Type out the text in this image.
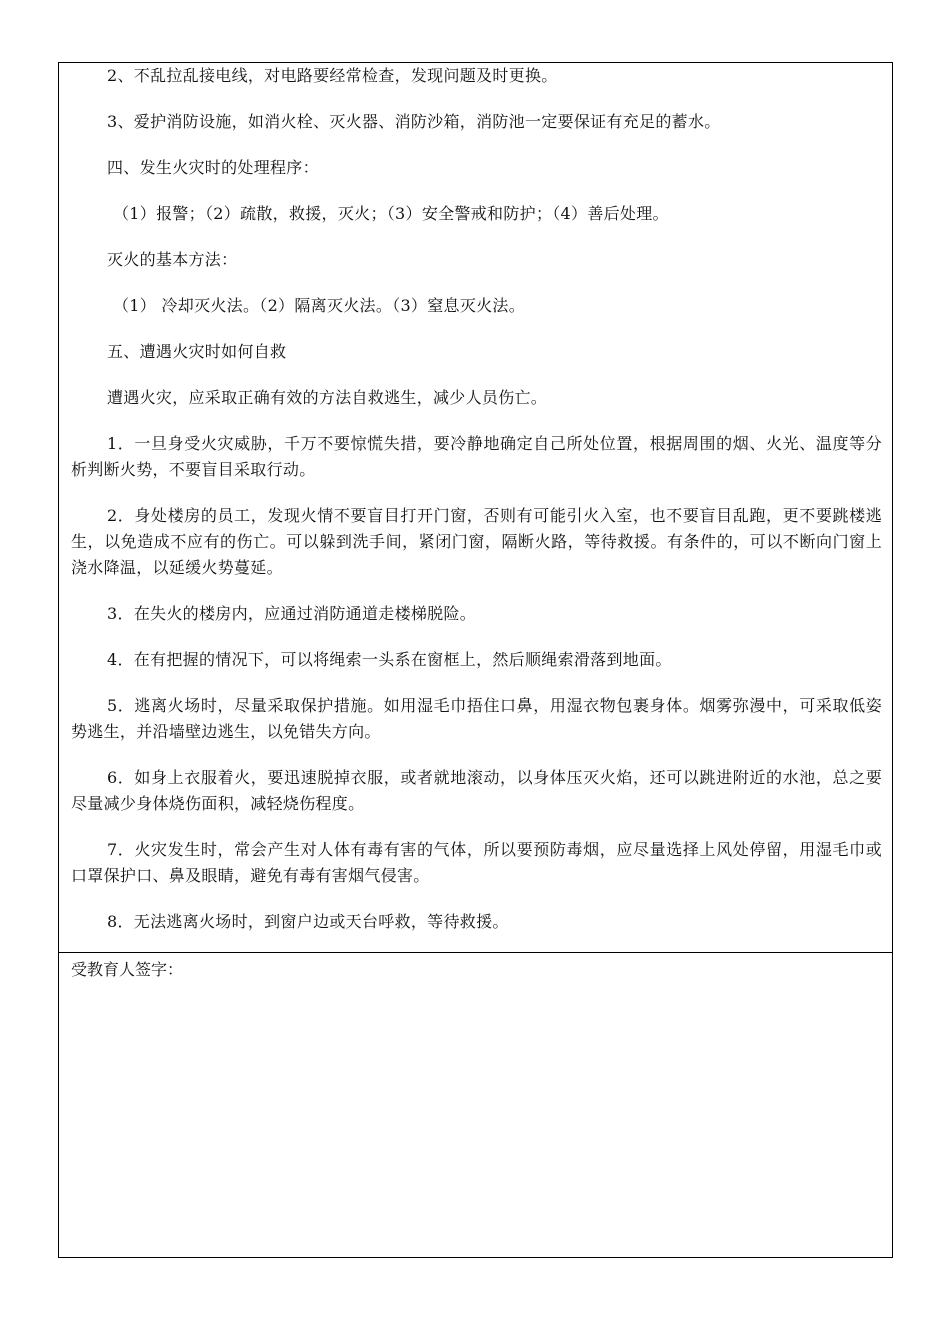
2、不乱拉乱接电线，对电路要经常检查，发现问题及时更换。

3、爱护消防设施，如消火栓、灭火器、消防沙箱，消防池一定要保证有充足的蓄水。

四、发生火灾时的处理程序：

（1）报警；（2）疏散，救援，灭火；（3）安全警戒和防护；（4）善后处理。

灭火的基本方法：

（1） 冷却灭火法。（2）隔离灭火法。（3）窒息灭火法。

五、遭遇火灾时如何自救

遭遇火灾，应采取正确有效的方法自救逃生，减少人员伤亡。

1．一旦身受火灾威胁，千万不要惊慌失措，要冷静地确定自己所处位置，根据周围的烟、火光、温度等分析判断火势，不要盲目采取行动。

2．身处楼房的员工，发现火情不要盲目打开门窗，否则有可能引火入室，也不要盲目乱跑，更不要跳楼逃生，以免造成不应有的伤亡。可以躲到洗手间，紧闭门窗，隔断火路，等待救援。有条件的，可以不断向门窗上浇水降温，以延缓火势蔓延。

3．在失火的楼房内，应通过消防通道走楼梯脱险。

4．在有把握的情况下，可以将绳索一头系在窗框上，然后顺绳索滑落到地面。

5．逃离火场时，尽量采取保护措施。如用湿毛巾捂住口鼻，用湿衣物包裹身体。烟雾弥漫中，可采取低姿势逃生，并沿墙壁边逃生，以免错失方向。

6．如身上衣服着火，要迅速脱掉衣服，或者就地滚动，以身体压灭火焰，还可以跳进附近的水池，总之要尽量减少身体烧伤面积，减轻烧伤程度。

7．火灾发生时，常会产生对人体有毒有害的气体，所以要预防毒烟，应尽量选择上风处停留，用湿毛巾或口罩保护口、鼻及眼睛，避免有毒有害烟气侵害。

8．无法逃离火场时，到窗户边或天台呼救，等待救援。

受教育人签字：
